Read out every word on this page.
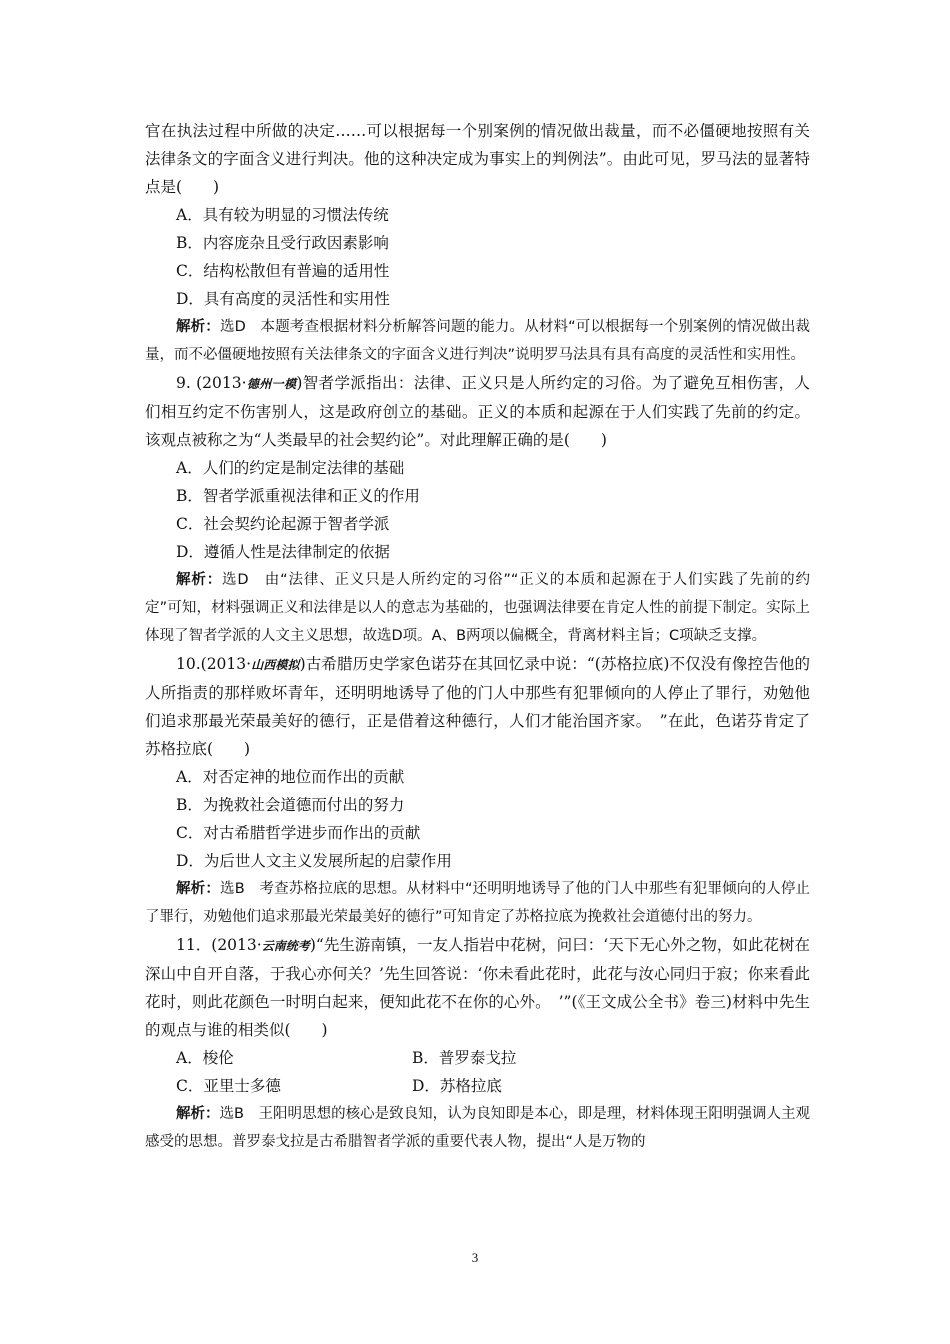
官在执法过程中所做的决定……可以根据每一个别案例的情况做出裁量，而不必僵硬地按照有关法律条文的字面含义进行判决。他的这种决定成为事实上的判例法”。由此可见，罗马法的显著特点是(　　)

A．具有较为明显的习惯法传统

B．内容庞杂且受行政因素影响

C．结构松散但有普遍的适用性

D．具有高度的灵活性和实用性

解析：选D　本题考查根据材料分析解答问题的能力。从材料“可以根据每一个别案例的情况做出裁量，而不必僵硬地按照有关法律条文的字面含义进行判决”说明罗马法具有具有高度的灵活性和实用性。

9. (2013·德州一模)智者学派指出：法律、正义只是人所约定的习俗。为了避免互相伤害，人们相互约定不伤害别人，这是政府创立的基础。正义的本质和起源在于人们实践了先前的约定。该观点被称之为“人类最早的社会契约论”。对此理解正确的是(　　)

A．人们的约定是制定法律的基础

B．智者学派重视法律和正义的作用

C．社会契约论起源于智者学派

D．遵循人性是法律制定的依据

解析：选D　由“法律、正义只是人所约定的习俗”“正义的本质和起源在于人们实践了先前的约定”可知，材料强调正义和法律是以人的意志为基础的，也强调法律要在肯定人性的前提下制定。实际上体现了智者学派的人文主义思想，故选D项。A、B两项以偏概全，背离材料主旨；C项缺乏支撑。

10.(2013·山西模拟)古希腊历史学家色诺芬在其回忆录中说：“(苏格拉底)不仅没有像控告他的人所指责的那样败坏青年，还明明地诱导了他的门人中那些有犯罪倾向的人停止了罪行，劝勉他们追求那最光荣最美好的德行，正是借着这种德行，人们才能治国齐家。　”在此，色诺芬肯定了苏格拉底(　　)

A．对否定神的地位而作出的贡献

B．为挽救社会道德而付出的努力

C．对古希腊哲学进步而作出的贡献

D．为后世人文主义发展所起的启蒙作用

解析：选B　考查苏格拉底的思想。从材料中“还明明地诱导了他的门人中那些有犯罪倾向的人停止了罪行，劝勉他们追求那最光荣最美好的德行”可知肯定了苏格拉底为挽救社会道德付出的努力。

11．(2013·云南统考)“先生游南镇，一友人指岩中花树，问曰：‘天下无心外之物，如此花树在深山中自开自落，于我心亦何关？’先生回答说：‘你未看此花时，此花与汝心同归于寂；你来看此花时，则此花颜色一时明白起来，便知此花不在你的心外。　’”(《王文成公全书》卷三)材料中先生的观点与谁的相类似(　　)

A．梭伦	B．普罗泰戈拉

C．亚里士多德	D．苏格拉底

解析：选B　王阳明思想的核心是致良知，认为良知即是本心，即是理，材料体现王阳明强调人主观感受的思想。普罗泰戈拉是古希腊智者学派的重要代表人物，提出“人是万物的

3
